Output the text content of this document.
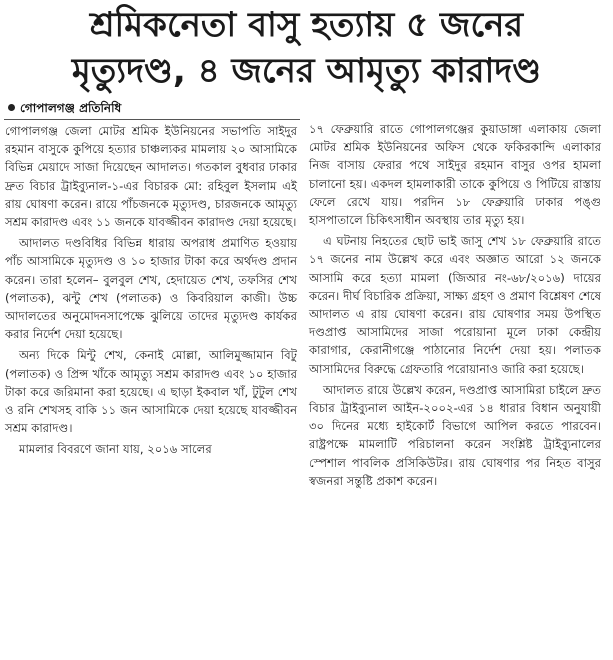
শ্রমিকনেতা বাসু হত্যায় ৫ জনের
মৃত্যুদণ্ড, ৪ জনের আমৃত্যু কারাদণ্ড
গোপালগঞ্জ প্রতিনিধি

গোপালগঞ্জ জেলা মোটর শ্রমিক ইউনিয়নের সভাপতি সাইদুর রহমান বাসুকে কুপিয়ে হত্যার চাঞ্চল্যকর মামলায় ২০ আসামিকে বিভিন্ন মেয়াদে সাজা দিয়েছেন আদালত। গতকাল বুধবার ঢাকার দ্রুত বিচার ট্রাইব্যুনাল-১-এর বিচারক মো: রহিবুল ইসলাম এই রায় ঘোষণা করেন। রায়ে পাঁচজনকে মৃত্যুদণ্ড, চারজনকে আমৃত্যু সশ্রম কারাদণ্ড এবং ১১ জনকে যাবজ্জীবন কারাদণ্ড দেয়া হয়েছে।

আদালত দণ্ডবিধির বিভিন্ন ধারায় অপরাধ প্রমাণিত হওয়ায় পাঁচ আসামিকে মৃত্যুদণ্ড ও ১০ হাজার টাকা করে অর্থদণ্ড প্রদান করেন। তারা হলেন– বুলবুল শেখ, হেদায়েত শেখ, তফসির শেখ (পলাতক), ঝন্টু শেখ (পলাতক) ও কিবরিয়াল কাজী। উচ্চ আদালতের অনুমোদনসাপেক্ষে ঝুলিয়ে তাদের মৃত্যুদণ্ড কার্যকর করার নির্দেশ দেয়া হয়েছে।

অন্য দিকে মিন্টু শেখ, কেনাই মোল্লা, আলিমুজ্জামান বিটু (পলাতক) ও প্রিন্স খাঁকে আমৃত্যু সশ্রম কারাদণ্ড এবং ১০ হাজার টাকা করে জরিমানা করা হয়েছে। এ ছাড়া ইকবাল খাঁ, টুটুল শেখ ও রনি শেখসহ বাকি ১১ জন আসামিকে দেয়া হয়েছে যাবজ্জীবন সশ্রম কারাদণ্ড।

মামলার বিবরণে জানা যায়, ২০১৬ সালের

১৭ ফেব্রুয়ারি রাতে গোপালগঞ্জের কুয়াডাঙ্গা এলাকায় জেলা মোটর শ্রমিক ইউনিয়নের অফিস থেকে ফকিরকান্দি এলাকার নিজ বাসায় ফেরার পথে সাইদুর রহমান বাসুর ওপর হামলা চালানো হয়। একদল হামলাকারী তাকে কুপিয়ে ও পিটিয়ে রাস্তায় ফেলে রেখে যায়। পরদিন ১৮ ফেব্রুয়ারি ঢাকার পঙ্গু হাসপাতালে চিকিৎসাধীন অবস্থায় তার মৃত্যু হয়।

এ ঘটনায় নিহতের ছোট ভাই জাসু শেখ ১৮ ফেব্রুয়ারি রাতে ১৭ জনের নাম উল্লেখ করে এবং অজ্ঞাত আরো ১২ জনকে আসামি করে হত্যা মামলা (জিআর নং-৬৮/২০১৬) দায়ের করেন। দীর্ঘ বিচারিক প্রক্রিয়া, সাক্ষ্য গ্রহণ ও প্রমাণ বিশ্লেষণ শেষে আদালত এ রায় ঘোষণা করেন। রায় ঘোষণার সময় উপস্থিত দণ্ডপ্রাপ্ত আসামিদের সাজা পরোয়ানা মূলে ঢাকা কেন্দ্রীয় কারাগার, কেরানীগঞ্জে পাঠানোর নির্দেশ দেয়া হয়। পলাতক আসামিদের বিরুদ্ধে গ্রেফতারি পরোয়ানাও জারি করা হয়েছে।

আদালত রায়ে উল্লেখ করেন, দণ্ডপ্রাপ্ত আসামিরা চাইলে দ্রুত বিচার ট্রাইব্যুনাল আইন-২০০২-এর ১৪ ধারার বিধান অনুযায়ী ৩০ দিনের মধ্যে হাইকোর্ট বিভাগে আপিল করতে পারবেন। রাষ্ট্রপক্ষে মামলাটি পরিচালনা করেন সংশ্লিষ্ট ট্রাইব্যুনালের স্পেশাল পাবলিক প্রসিকিউটর। রায় ঘোষণার পর নিহত বাসুর স্বজনরা সন্তুষ্টি প্রকাশ করেন।
